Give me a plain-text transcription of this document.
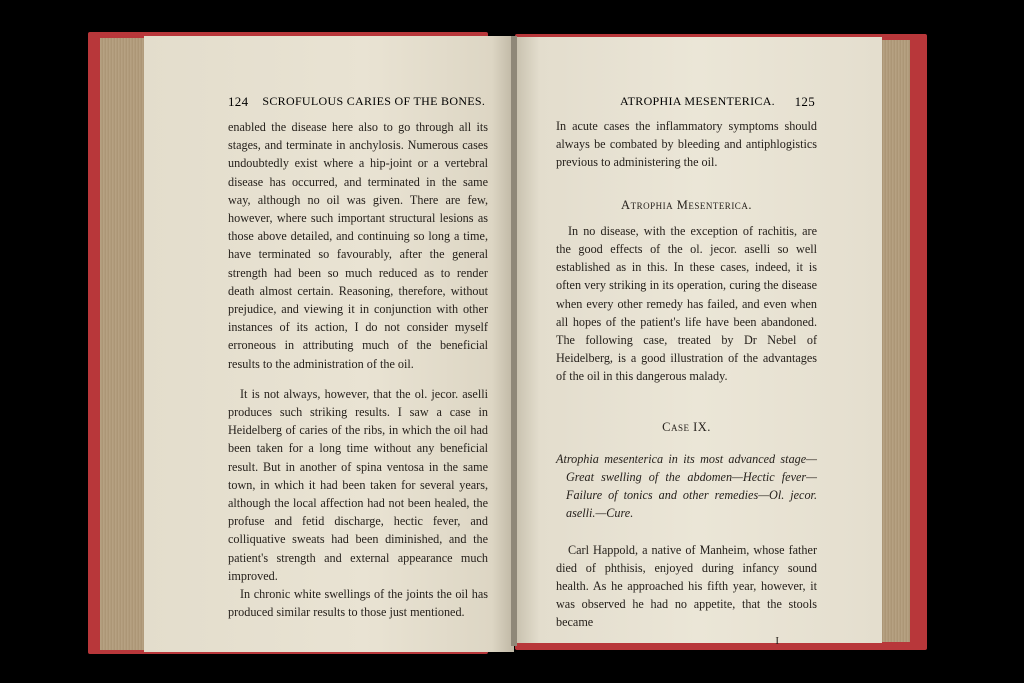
124 SCROFULOUS CARIES OF THE BONES.	ATROPHIA MESENTERICA. 125

enabled the disease here also to go through all its stages, and terminate in anchylosis. Numerous cases undoubtedly exist where a hip-joint or a vertebral disease has occurred, and terminated in the same way, although no oil was given. There are few, however, where such important structural lesions as those above detailed, and continuing so long a time, have terminated so favourably, after the general strength had been so much reduced as to render death almost certain. Reasoning, therefore, without prejudice, and viewing it in conjunction with other instances of its action, I do not consider myself erroneous in attributing much of the beneficial results to the administration of the oil.

It is not always, however, that the ol. jecor. aselli produces such striking results. I saw a case in Heidelberg of caries of the ribs, in which the oil had been taken for a long time without any beneficial result. But in another of spina ventosa in the same town, in which it had been taken for several years, although the local affection had not been healed, the profuse and fetid discharge, hectic fever, and colliquative sweats had been diminished, and the patient's strength and external appearance much improved.

In chronic white swellings of the joints the oil has produced similar results to those just mentioned.

In acute cases the inflammatory symptoms should always be combated by bleeding and antiphlogistics previous to administering the oil.

Atrophia Mesenterica.

In no disease, with the exception of rachitis, are the good effects of the ol. jecor. aselli so well established as in this. In these cases, indeed, it is often very striking in its operation, curing the disease when every other remedy has failed, and even when all hopes of the patient's life have been abandoned. The following case, treated by Dr Nebel of Heidelberg, is a good illustration of the advantages of the oil in this dangerous malady.

Case IX.

Atrophia mesenterica in its most advanced stage—Great swelling of the abdomen—Hectic fever—Failure of tonics and other remedies—Ol. jecor. aselli.—Cure.

Carl Happold, a native of Manheim, whose father died of phthisis, enjoyed during infancy sound health. As he approached his fifth year, however, it was observed he had no appetite, that the stools became

I
